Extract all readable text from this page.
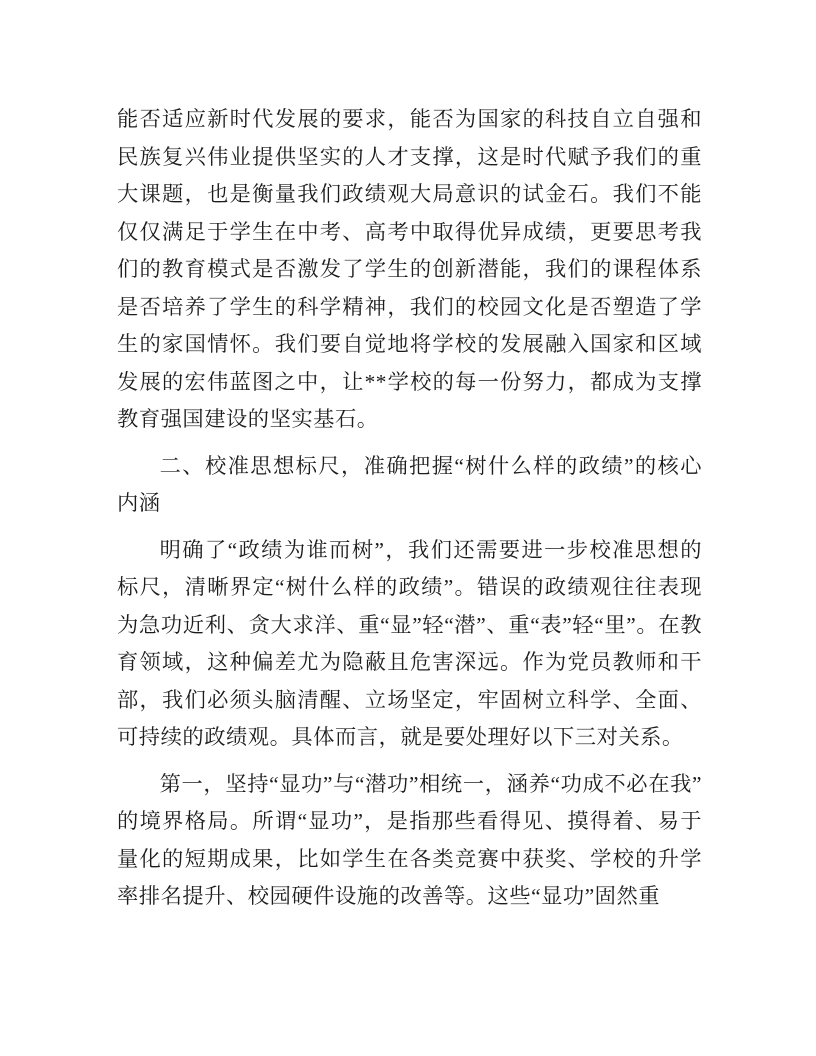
能否适应新时代发展的要求，能否为国家的科技自立自强和民族复兴伟业提供坚实的人才支撑，这是时代赋予我们的重大课题，也是衡量我们政绩观大局意识的试金石。我们不能仅仅满足于学生在中考、高考中取得优异成绩，更要思考我们的教育模式是否激发了学生的创新潜能，我们的课程体系是否培养了学生的科学精神，我们的校园文化是否塑造了学生的家国情怀。我们要自觉地将学校的发展融入国家和区域发展的宏伟蓝图之中，让**学校的每一份努力，都成为支撑教育强国建设的坚实基石。

二、校准思想标尺，准确把握“树什么样的政绩”的核心内涵

明确了“政绩为谁而树”，我们还需要进一步校准思想的标尺，清晰界定“树什么样的政绩”。错误的政绩观往往表现为急功近利、贪大求洋、重“显”轻“潜”、重“表”轻“里”。在教育领域，这种偏差尤为隐蔽且危害深远。作为党员教师和干部，我们必须头脑清醒、立场坚定，牢固树立科学、全面、可持续的政绩观。具体而言，就是要处理好以下三对关系。

第一，坚持“显功”与“潜功”相统一，涵养“功成不必在我”的境界格局。所谓“显功”，是指那些看得见、摸得着、易于量化的短期成果，比如学生在各类竞赛中获奖、学校的升学率排名提升、校园硬件设施的改善等。这些“显功”固然重
